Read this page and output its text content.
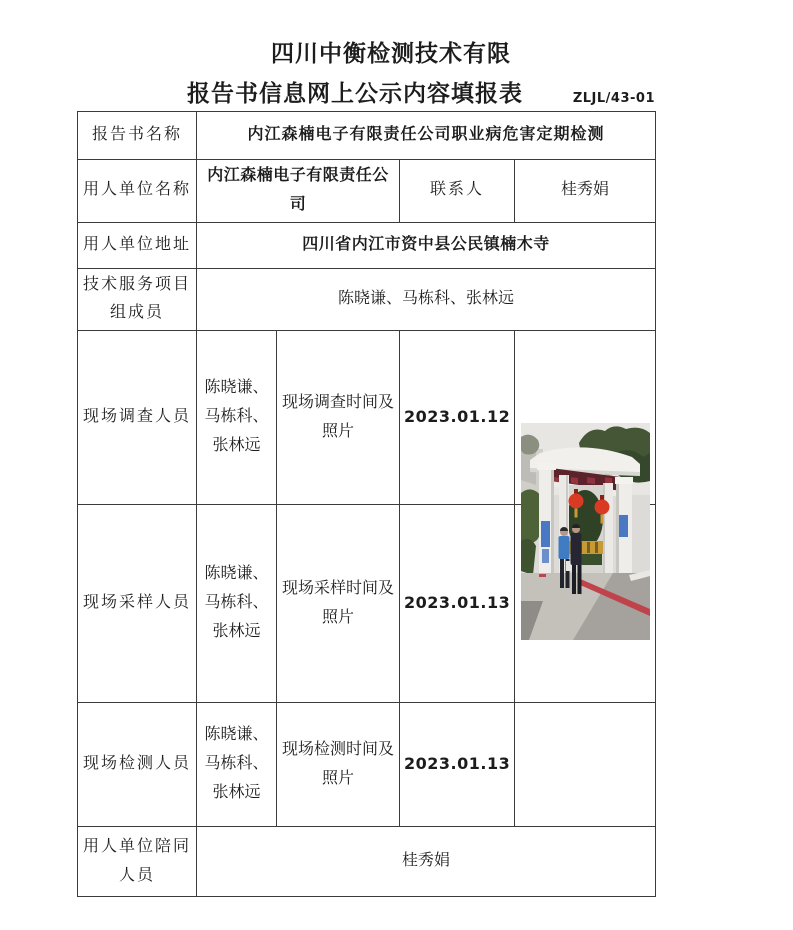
四川中衡检测技术有限
报告书信息网上公示内容填报表	ZLJL/43-01
报告书名称	内江森楠电子有限责任公司职业病危害定期检测			
用人单位名称	内江森楠电子有限责任公司		联系人	桂秀娟
用人单位地址	四川省内江市资中县公民镇楠木寺			
技术服务项目组成员	陈晓谦、马栋科、张林远			
现场调查人员	陈晓谦、马栋科、张林远	现场调查时间及照片	2023.01.12	
现场采样人员	陈晓谦、马栋科、张林远	现场采样时间及照片	2023.01.13	
现场检测人员	陈晓谦、马栋科、张林远	现场检测时间及照片	2023.01.13	
用人单位陪同人员	桂秀娟			
